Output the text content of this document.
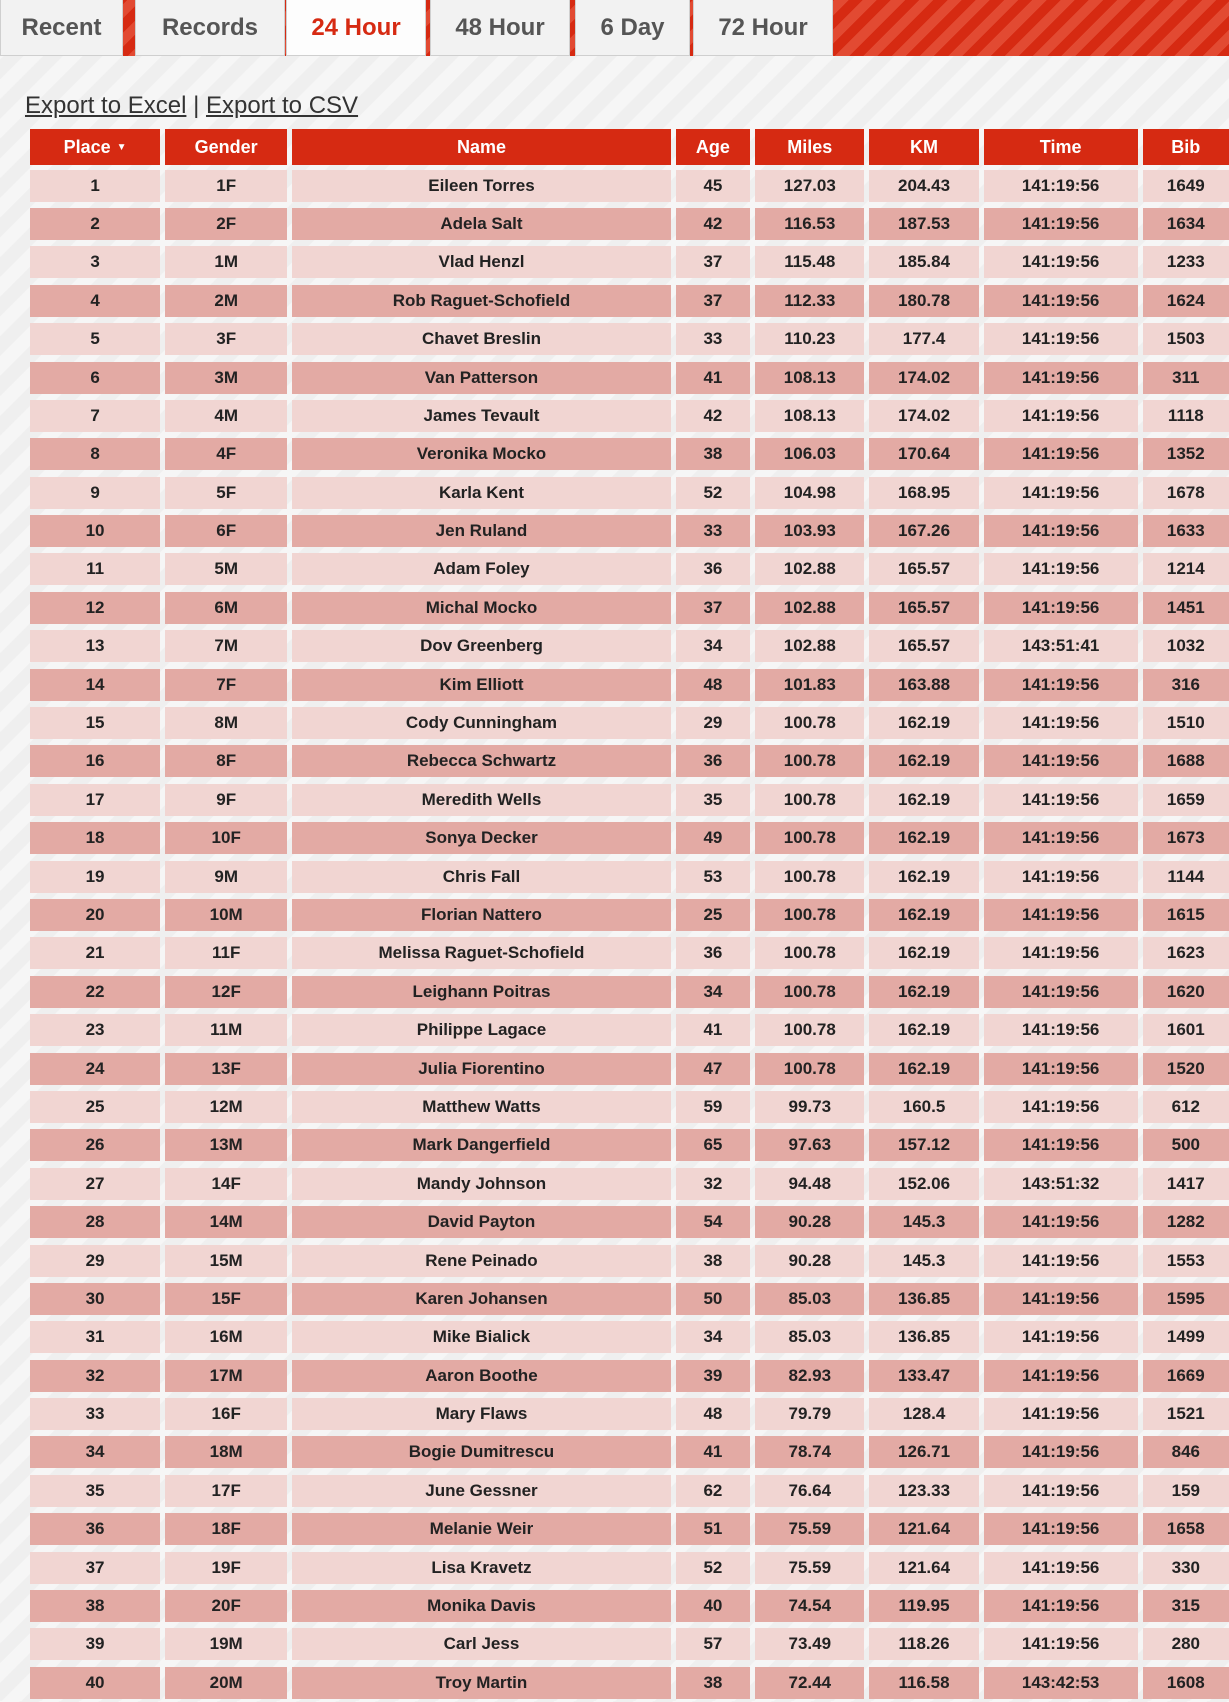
Recent	Records	24 Hour	48 Hour	6 Day	72 Hour
Export to Excel | Export to CSV
Place ▼	Gender	Name	Age	Miles	KM	Time	Bib
1	1F	Eileen Torres	45	127.03	204.43	141:19:56	1649
2	2F	Adela Salt	42	116.53	187.53	141:19:56	1634
3	1M	Vlad Henzl	37	115.48	185.84	141:19:56	1233
4	2M	Rob Raguet-Schofield	37	112.33	180.78	141:19:56	1624
5	3F	Chavet Breslin	33	110.23	177.4	141:19:56	1503
6	3M	Van Patterson	41	108.13	174.02	141:19:56	311
7	4M	James Tevault	42	108.13	174.02	141:19:56	1118
8	4F	Veronika Mocko	38	106.03	170.64	141:19:56	1352
9	5F	Karla Kent	52	104.98	168.95	141:19:56	1678
10	6F	Jen Ruland	33	103.93	167.26	141:19:56	1633
11	5M	Adam Foley	36	102.88	165.57	141:19:56	1214
12	6M	Michal Mocko	37	102.88	165.57	141:19:56	1451
13	7M	Dov Greenberg	34	102.88	165.57	143:51:41	1032
14	7F	Kim Elliott	48	101.83	163.88	141:19:56	316
15	8M	Cody Cunningham	29	100.78	162.19	141:19:56	1510
16	8F	Rebecca Schwartz	36	100.78	162.19	141:19:56	1688
17	9F	Meredith Wells	35	100.78	162.19	141:19:56	1659
18	10F	Sonya Decker	49	100.78	162.19	141:19:56	1673
19	9M	Chris Fall	53	100.78	162.19	141:19:56	1144
20	10M	Florian Nattero	25	100.78	162.19	141:19:56	1615
21	11F	Melissa Raguet-Schofield	36	100.78	162.19	141:19:56	1623
22	12F	Leighann Poitras	34	100.78	162.19	141:19:56	1620
23	11M	Philippe Lagace	41	100.78	162.19	141:19:56	1601
24	13F	Julia Fiorentino	47	100.78	162.19	141:19:56	1520
25	12M	Matthew Watts	59	99.73	160.5	141:19:56	612
26	13M	Mark Dangerfield	65	97.63	157.12	141:19:56	500
27	14F	Mandy Johnson	32	94.48	152.06	143:51:32	1417
28	14M	David Payton	54	90.28	145.3	141:19:56	1282
29	15M	Rene Peinado	38	90.28	145.3	141:19:56	1553
30	15F	Karen Johansen	50	85.03	136.85	141:19:56	1595
31	16M	Mike Bialick	34	85.03	136.85	141:19:56	1499
32	17M	Aaron Boothe	39	82.93	133.47	141:19:56	1669
33	16F	Mary Flaws	48	79.79	128.4	141:19:56	1521
34	18M	Bogie Dumitrescu	41	78.74	126.71	141:19:56	846
35	17F	June Gessner	62	76.64	123.33	141:19:56	159
36	18F	Melanie Weir	51	75.59	121.64	141:19:56	1658
37	19F	Lisa Kravetz	52	75.59	121.64	141:19:56	330
38	20F	Monika Davis	40	74.54	119.95	141:19:56	315
39	19M	Carl Jess	57	73.49	118.26	141:19:56	280
40	20M	Troy Martin	38	72.44	116.58	143:42:53	1608
